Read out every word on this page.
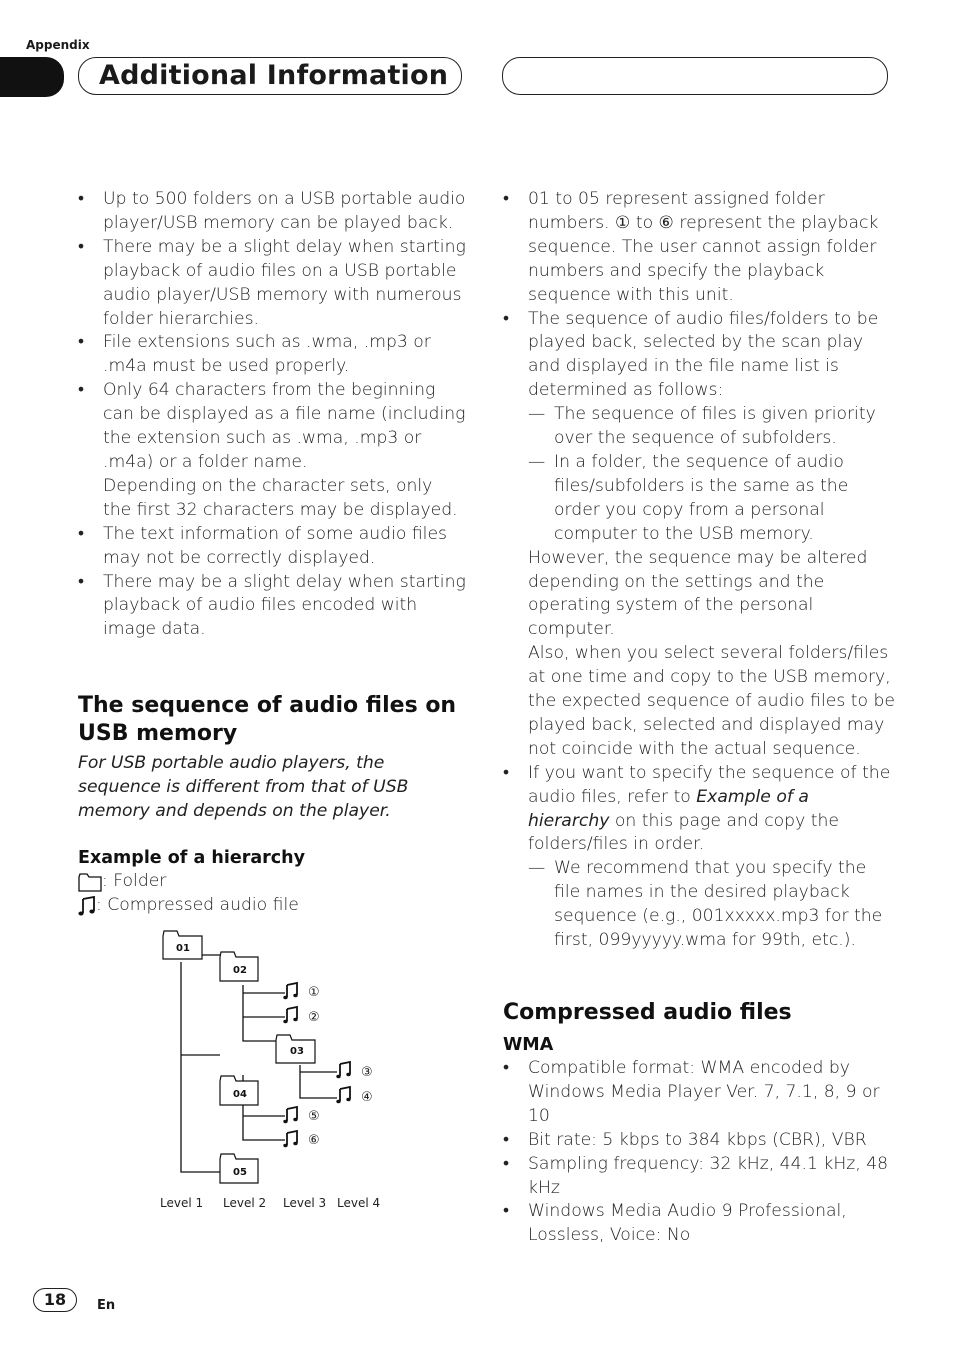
Appendix
Additional Information
• Up to 500 folders on a USB portable audio player/USB memory can be played back.
• There may be a slight delay when starting playback of audio files on a USB portable audio player/USB memory with numerous folder hierarchies.
• File extensions such as .wma, .mp3 or .m4a must be used properly.
• Only 64 characters from the beginning can be displayed as a file name (including the extension such as .wma, .mp3 or .m4a) or a folder name.
Depending on the character sets, only the first 32 characters may be displayed.
• The text information of some audio files may not be correctly displayed.
• There may be a slight delay when starting playback of audio files encoded with image data.
The sequence of audio files on USB memory
For USB portable audio players, the sequence is different from that of USB memory and depends on the player.
Example of a hierarchy
: Folder
: Compressed audio file
01
02
03
04
05
①
②
③
④
⑤
⑥
Level 1 Level 2 Level 3 Level 4
• 01 to 05 represent assigned folder numbers. ① to ⑥ represent the playback sequence. The user cannot assign folder numbers and specify the playback sequence with this unit.
• The sequence of audio files/folders to be played back, selected by the scan play and displayed in the file name list is determined as follows:
— The sequence of files is given priority over the sequence of subfolders.
— In a folder, the sequence of audio files/subfolders is the same as the order you copy from a personal computer to the USB memory.
However, the sequence may be altered depending on the settings and the operating system of the personal computer.
Also, when you select several folders/files at one time and copy to the USB memory, the expected sequence of audio files to be played back, selected and displayed may not coincide with the actual sequence.
• If you want to specify the sequence of the audio files, refer to Example of a hierarchy on this page and copy the folders/files in order.
— We recommend that you specify the file names in the desired playback sequence (e.g., 001xxxxx.mp3 for the first, 099yyyyy.wma for 99th, etc.).
Compressed audio files
WMA
• Compatible format: WMA encoded by Windows Media Player Ver. 7, 7.1, 8, 9 or 10
• Bit rate: 5 kbps to 384 kbps (CBR), VBR
• Sampling frequency: 32 kHz, 44.1 kHz, 48 kHz
• Windows Media Audio 9 Professional, Lossless, Voice: No
18	En
